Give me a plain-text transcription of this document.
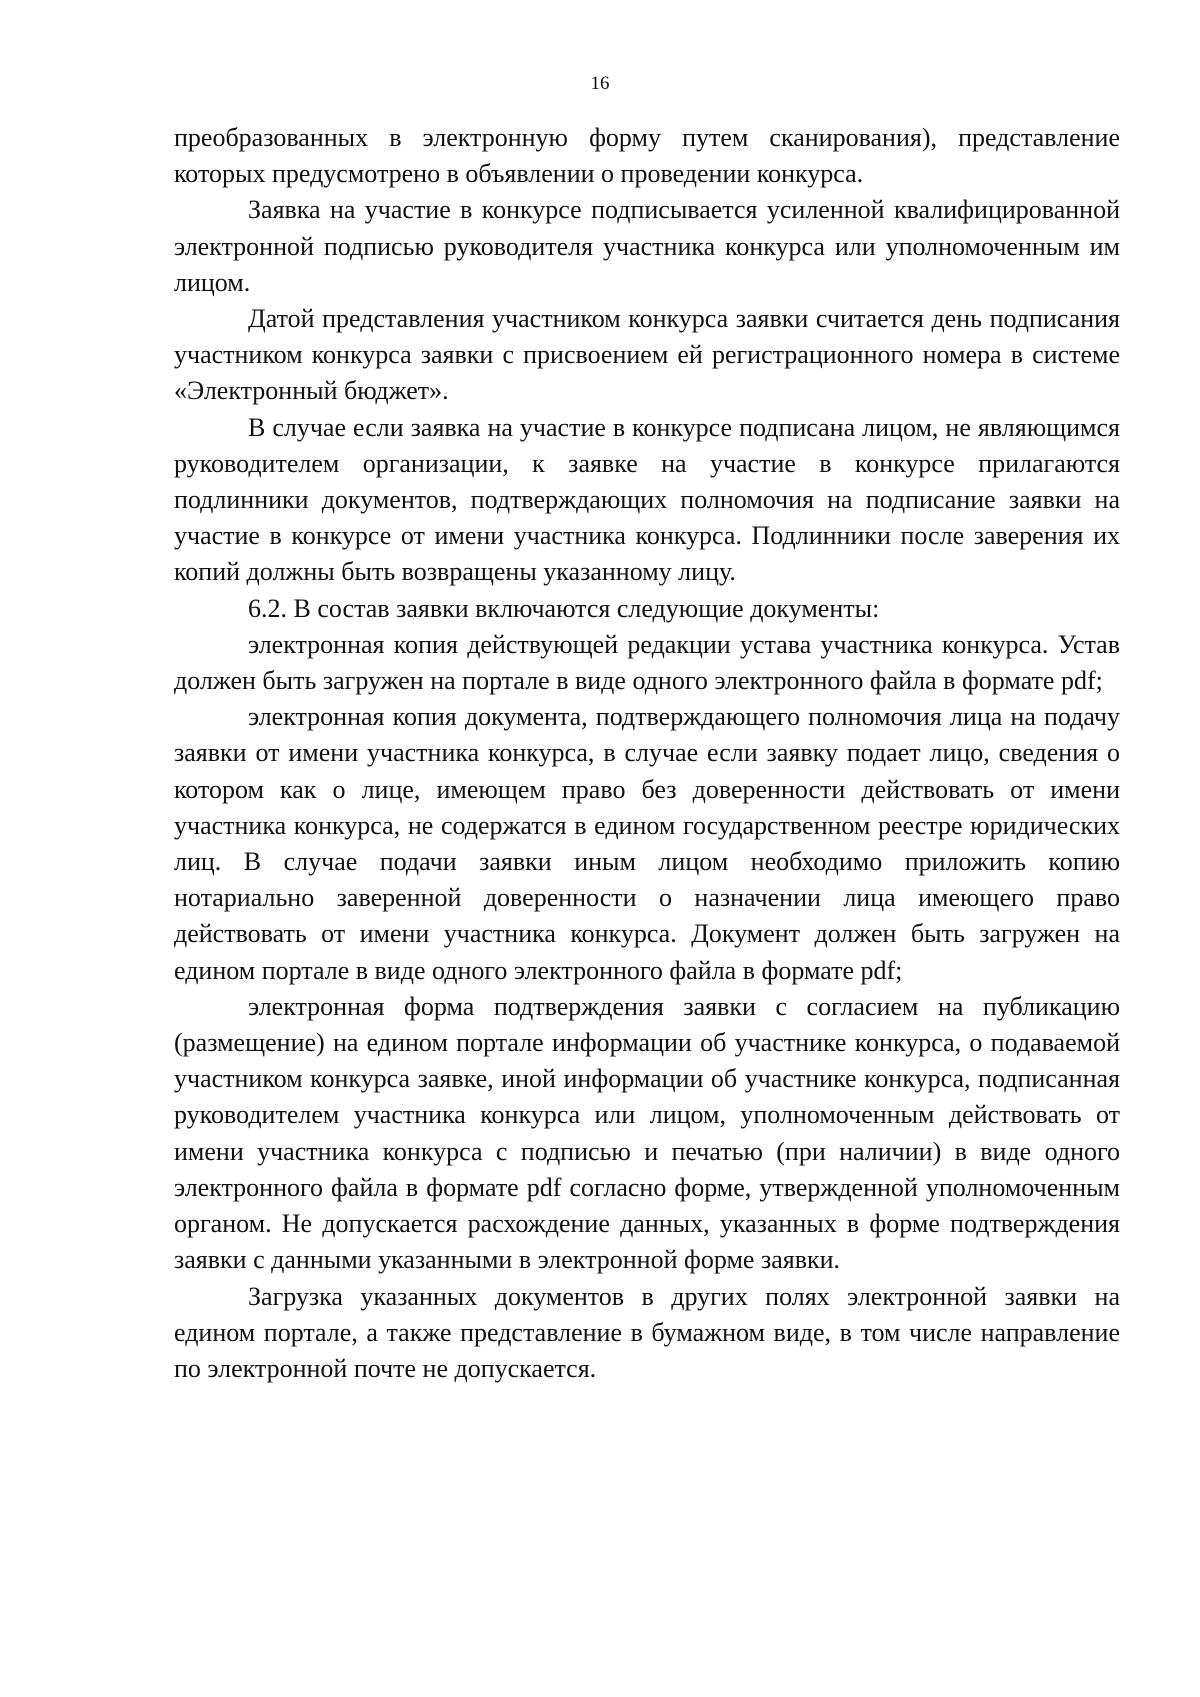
16

преобразованных в электронную форму путем сканирования), представление которых предусмотрено в объявлении о проведении конкурса.

Заявка на участие в конкурсе подписывается усиленной квалифицированной электронной подписью руководителя участника конкурса или уполномоченным им лицом.

Датой представления участником конкурса заявки считается день подписания участником конкурса заявки с присвоением ей регистрационного номера в системе «Электронный бюджет».

В случае если заявка на участие в конкурсе подписана лицом, не являющимся руководителем организации, к заявке на участие в конкурсе прилагаются подлинники документов, подтверждающих полномочия на подписание заявки на участие в конкурсе от имени участника конкурса. Подлинники после заверения их копий должны быть возвращены указанному лицу.

6.2. В состав заявки включаются следующие документы:

электронная копия действующей редакции устава участника конкурса. Устав должен быть загружен на портале в виде одного электронного файла в формате pdf;

электронная копия документа, подтверждающего полномочия лица на подачу заявки от имени участника конкурса, в случае если заявку подает лицо, сведения о котором как о лице, имеющем право без доверенности действовать от имени участника конкурса, не содержатся в едином государственном реестре юридических лиц. В случае подачи заявки иным лицом необходимо приложить копию нотариально заверенной доверенности о назначении лица имеющего право действовать от имени участника конкурса. Документ должен быть загружен на едином портале в виде одного электронного файла в формате pdf;

электронная форма подтверждения заявки с согласием на публикацию (размещение) на едином портале информации об участнике конкурса, о подаваемой участником конкурса заявке, иной информации об участнике конкурса, подписанная руководителем участника конкурса или лицом, уполномоченным действовать от имени участника конкурса с подписью и печатью (при наличии) в виде одного электронного файла в формате pdf согласно форме, утвержденной уполномоченным органом. Не допускается расхождение данных, указанных в форме подтверждения заявки с данными указанными в электронной форме заявки.

Загрузка указанных документов в других полях электронной заявки на едином портале, а также представление в бумажном виде, в том числе направление по электронной почте не допускается.
